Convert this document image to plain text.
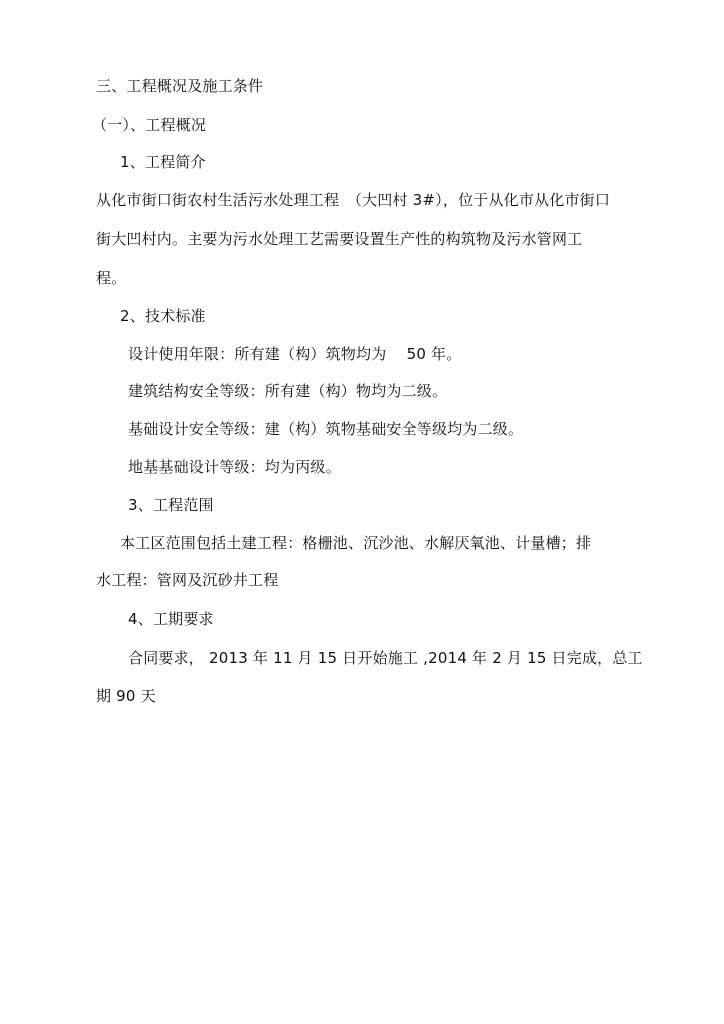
三、工程概况及施工条件
（一）、工程概况
1、工程简介
从化市街口街农村生活污水处理工程　（大凹村 3#），位于从化市从化市街口
街大凹村内。主要为污水处理工艺需要设置生产性的构筑物及污水管网工
程。
2、技术标准
设计使用年限：所有建（构）筑物均为　 50 年。
建筑结构安全等级：所有建（构）物均为二级。
基础设计安全等级：建（构）筑物基础安全等级均为二级。
地基基础设计等级：均为丙级。
3、工程范围
本工区范围包括土建工程：格栅池、沉沙池、水解厌氧池、计量槽；排
水工程：管网及沉砂井工程
4、工期要求
合同要求， 2013 年 11 月 15 日开始施工 ,2014 年 2 月 15 日完成，总工
期 90 天
